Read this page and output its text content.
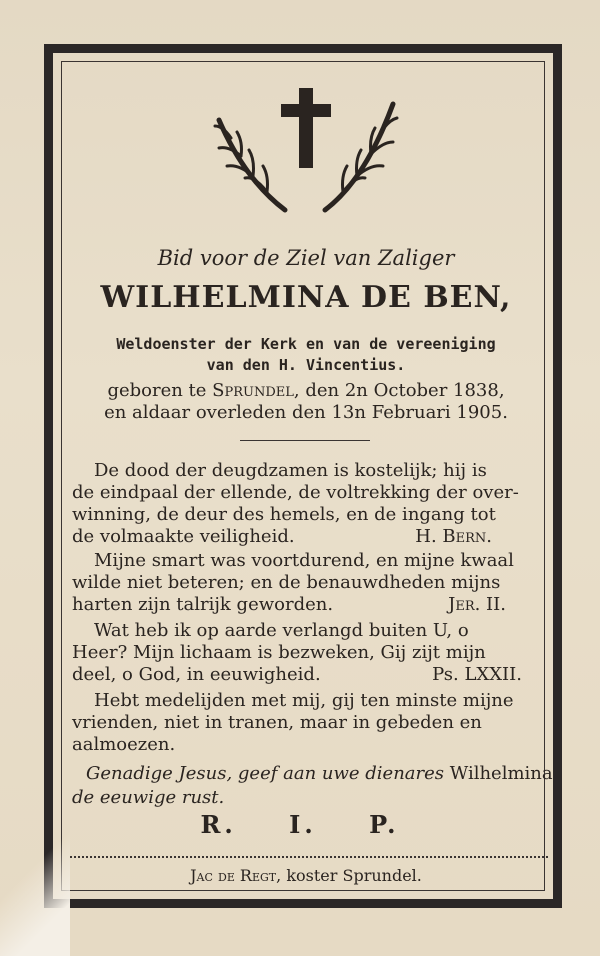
Bid voor de Ziel van Zaliger
WILHELMINA DE BEN,
Weldoenster der Kerk en van de vereeniging
van den H. Vincentius.
geboren te Sprundel, den 2n October 1838,
en aldaar overleden den 13n Februari 1905.
De dood der deugdzamen is kostelijk; hij is
de eindpaal der ellende, de voltrekking der over-
winning, de deur des hemels, en de ingang tot
de volmaakte veiligheid.	H. Bern.
Mijne smart was voortdurend, en mijne kwaal
wilde niet beteren; en de benauwdheden mijns
harten zijn talrijk geworden.	Jer. II.
Wat heb ik op aarde verlangd buiten U, o
Heer? Mijn lichaam is bezweken, Gij zijt mijn
deel, o God, in eeuwigheid.	Ps. LXXII.
Hebt medelijden met mij, gij ten minste mijne
vrienden, niet in tranen, maar in gebeden en
aalmoezen.
Genadige Jesus, geef aan uwe dienares Wilhelmina
de eeuwige rust.
R. I. P.
Jac de Regt, koster Sprundel.
